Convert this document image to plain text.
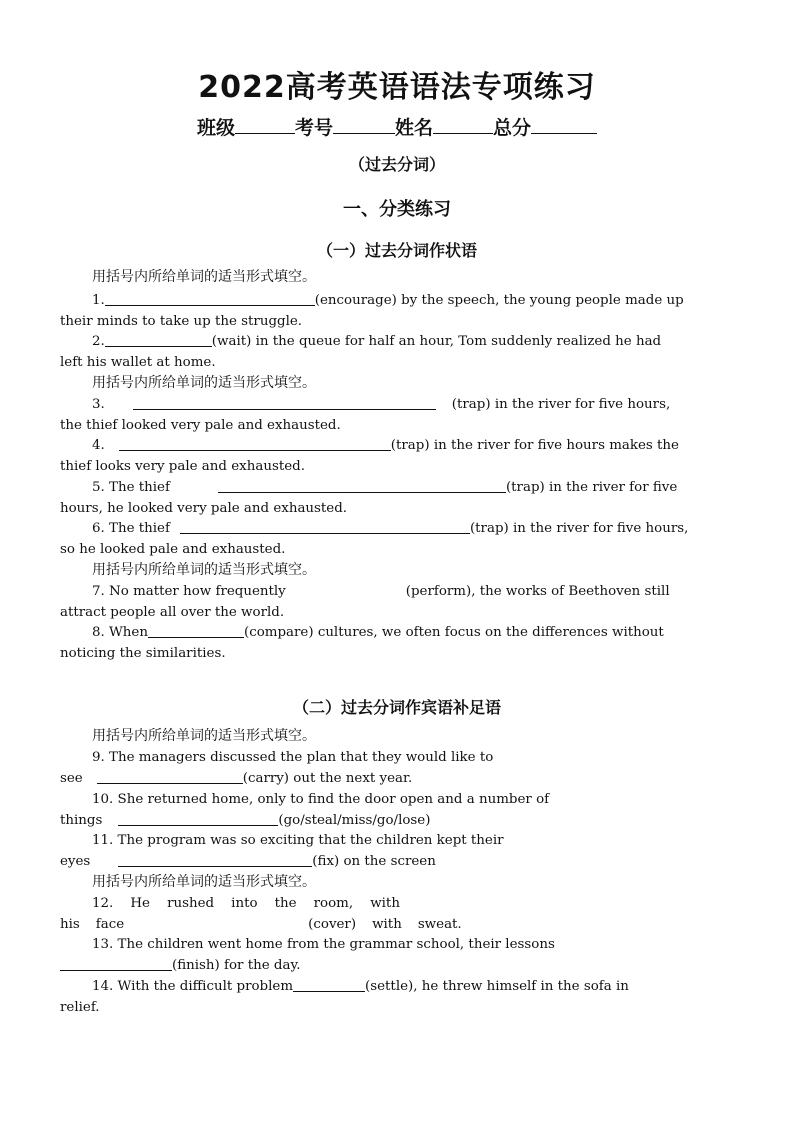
2022高考英语语法专项练习
班级	考号	姓名	总分
（过去分词）
一、分类练习
（一）过去分词作状语
用括号内所给单词的适当形式填空。
1.	(encourage) by the speech, the young people made up
their minds to take up the struggle.
2.	(wait) in the queue for half an hour, Tom suddenly realized he had
left his wallet at home.
用括号内所给单词的适当形式填空。
3.	(trap) in the river for five hours,
the thief looked very pale and exhausted.
4.	(trap) in the river for five hours makes the
thief looks very pale and exhausted.
5. The thief	(trap) in the river for five
hours, he looked very pale and exhausted.
6. The thief	(trap) in the river for five hours,
so he looked pale and exhausted.
用括号内所给单词的适当形式填空。
7. No matter how frequently	(perform), the works of Beethoven still
attract people all over the world.
8. When	(compare) cultures, we often focus on the differences without
noticing the similarities.
（二）过去分词作宾语补足语
用括号内所给单词的适当形式填空。
9. The managers discussed the plan that they would like to
see	(carry) out the next year.
10. She returned home, only to find the door open and a number of
things	(go/steal/miss/go/lose)
11. The program was so exciting that the children kept their
eyes	(fix) on the screen
用括号内所给单词的适当形式填空。
12. He rushed into the room, with
his face	(cover) with sweat.
13. The children went home from the grammar school, their lessons
(finish) for the day.
14. With the difficult problem	(settle), he threw himself in the sofa in
relief.
